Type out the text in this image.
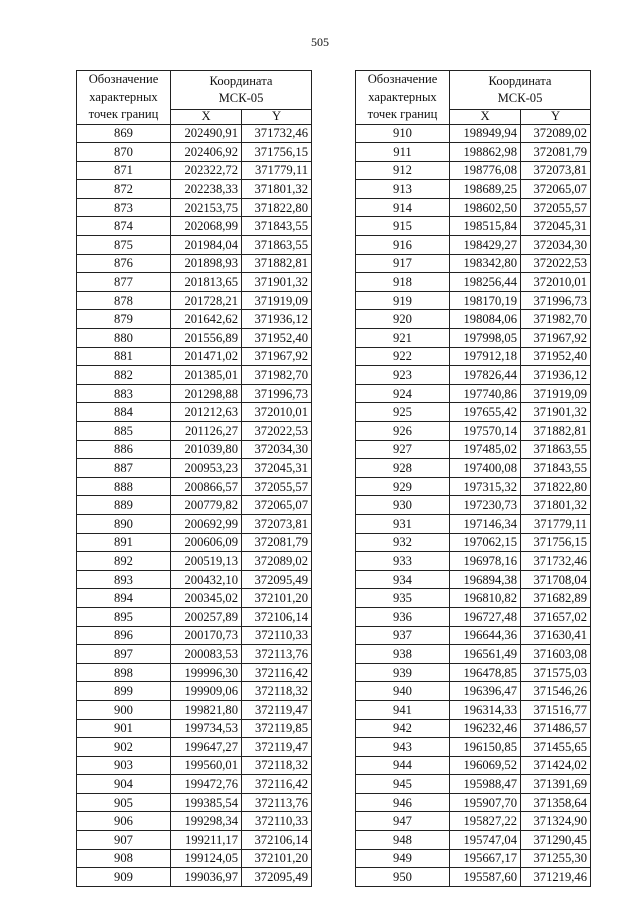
505
Обозначение
характерных
точек границ	Координата
МСК-05	
	X	Y
869	202490,91	371732,46
870	202406,92	371756,15
871	202322,72	371779,11
872	202238,33	371801,32
873	202153,75	371822,80
874	202068,99	371843,55
875	201984,04	371863,55
876	201898,93	371882,81
877	201813,65	371901,32
878	201728,21	371919,09
879	201642,62	371936,12
880	201556,89	371952,40
881	201471,02	371967,92
882	201385,01	371982,70
883	201298,88	371996,73
884	201212,63	372010,01
885	201126,27	372022,53
886	201039,80	372034,30
887	200953,23	372045,31
888	200866,57	372055,57
889	200779,82	372065,07
890	200692,99	372073,81
891	200606,09	372081,79
892	200519,13	372089,02
893	200432,10	372095,49
894	200345,02	372101,20
895	200257,89	372106,14
896	200170,73	372110,33
897	200083,53	372113,76
898	199996,30	372116,42
899	199909,06	372118,32
900	199821,80	372119,47
901	199734,53	372119,85
902	199647,27	372119,47
903	199560,01	372118,32
904	199472,76	372116,42
905	199385,54	372113,76
906	199298,34	372110,33
907	199211,17	372106,14
908	199124,05	372101,20
909	199036,97	372095,49
Обозначение
характерных
точек границ	Координата
МСК-05	
	X	Y
910	198949,94	372089,02
911	198862,98	372081,79
912	198776,08	372073,81
913	198689,25	372065,07
914	198602,50	372055,57
915	198515,84	372045,31
916	198429,27	372034,30
917	198342,80	372022,53
918	198256,44	372010,01
919	198170,19	371996,73
920	198084,06	371982,70
921	197998,05	371967,92
922	197912,18	371952,40
923	197826,44	371936,12
924	197740,86	371919,09
925	197655,42	371901,32
926	197570,14	371882,81
927	197485,02	371863,55
928	197400,08	371843,55
929	197315,32	371822,80
930	197230,73	371801,32
931	197146,34	371779,11
932	197062,15	371756,15
933	196978,16	371732,46
934	196894,38	371708,04
935	196810,82	371682,89
936	196727,48	371657,02
937	196644,36	371630,41
938	196561,49	371603,08
939	196478,85	371575,03
940	196396,47	371546,26
941	196314,33	371516,77
942	196232,46	371486,57
943	196150,85	371455,65
944	196069,52	371424,02
945	195988,47	371391,69
946	195907,70	371358,64
947	195827,22	371324,90
948	195747,04	371290,45
949	195667,17	371255,30
950	195587,60	371219,46
